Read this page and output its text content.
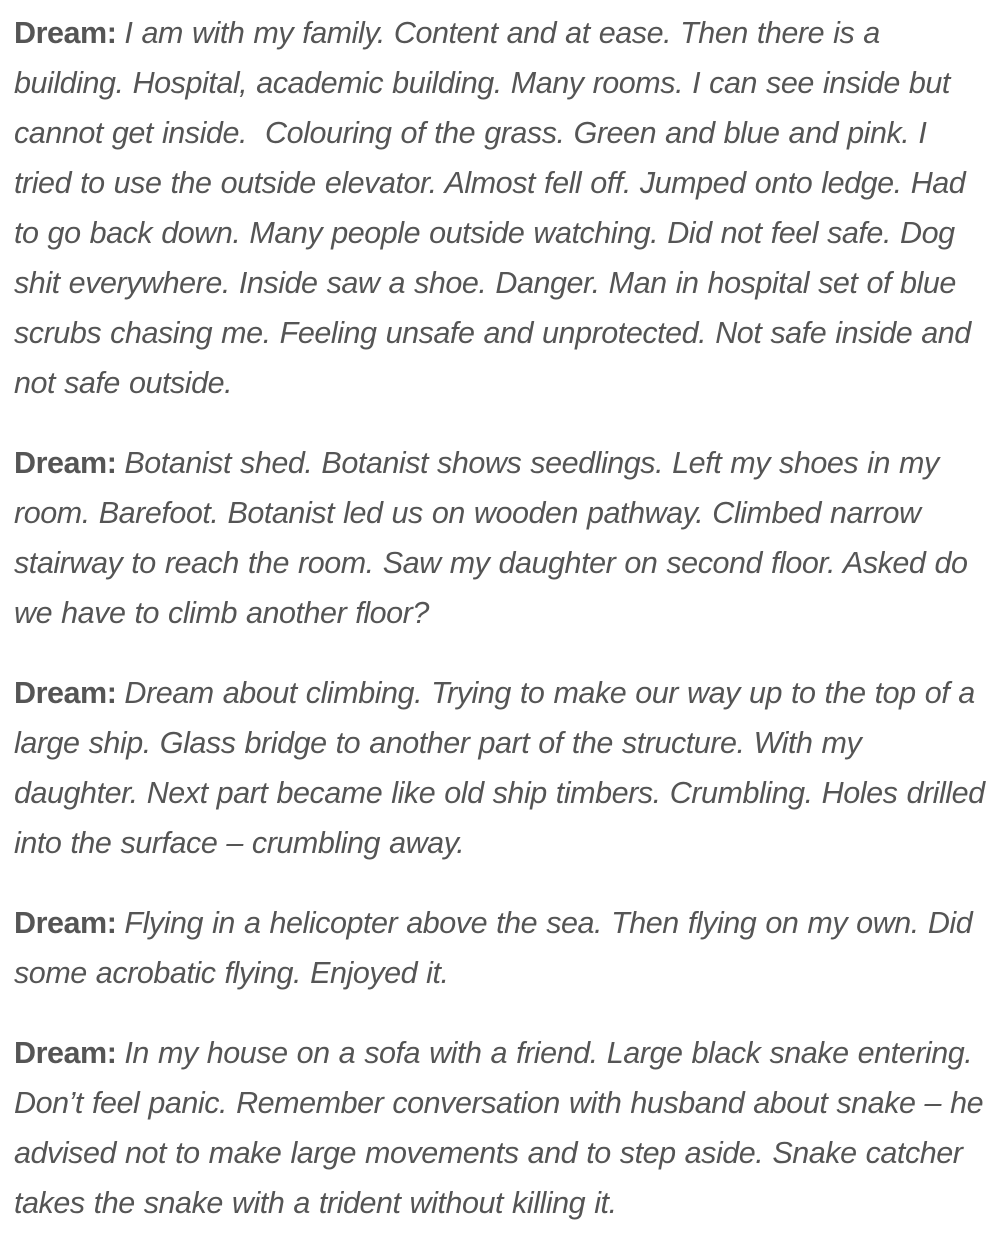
Dream: I am with my family. Content and at ease. Then there is a building. Hospital, academic building. Many rooms. I can see inside but cannot get inside.  Colouring of the grass. Green and blue and pink. I tried to use the outside elevator. Almost fell off. Jumped onto ledge. Had to go back down. Many people outside watching. Did not feel safe. Dog shit everywhere. Inside saw a shoe. Danger. Man in hospital set of blue scrubs chasing me. Feeling unsafe and unprotected. Not safe inside and not safe outside.

Dream: Botanist shed. Botanist shows seedlings. Left my shoes in my room. Barefoot. Botanist led us on wooden pathway. Climbed narrow stairway to reach the room. Saw my daughter on second floor. Asked do we have to climb another floor?

Dream: Dream about climbing. Trying to make our way up to the top of a large ship. Glass bridge to another part of the structure. With my daughter. Next part became like old ship timbers. Crumbling. Holes drilled into the surface – crumbling away.

Dream: Flying in a helicopter above the sea. Then flying on my own. Did some acrobatic flying. Enjoyed it.

Dream: In my house on a sofa with a friend. Large black snake entering. Don’t feel panic. Remember conversation with husband about snake – he advised not to make large movements and to step aside. Snake catcher takes the snake with a trident without killing it.
